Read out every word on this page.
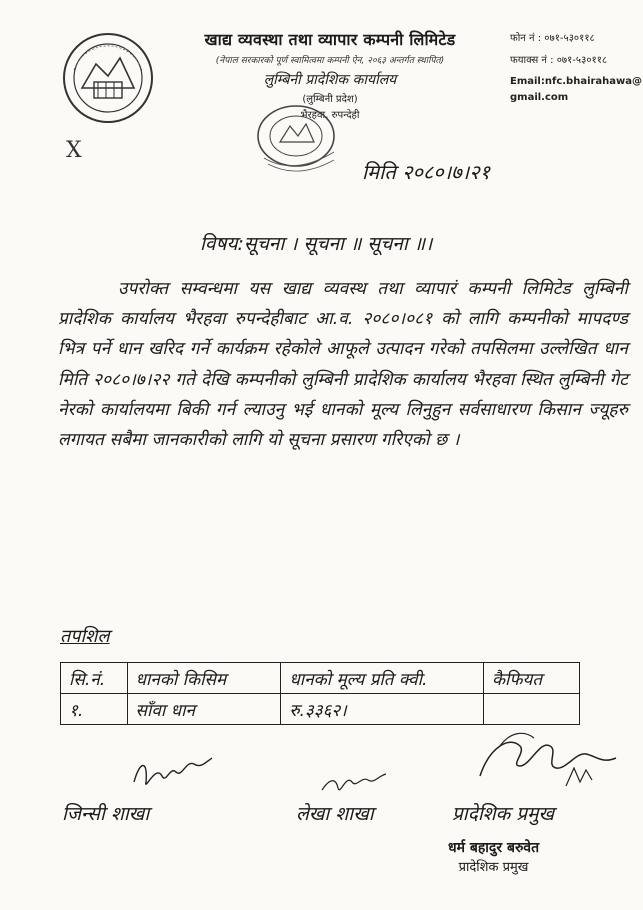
खाद्य व्यवस्था तथा व्यापार कम्पनी लिमिटेड
(नेपाल सरकारको पूर्ण स्वामित्वमा कम्पनी ऐन, २०६३ अन्तर्गत स्थापित)
लुम्बिनी प्रादेशिक कार्यालय
(लुम्बिनी प्रदेश)
भैरहवा, रुपन्देही
फोन नं : ०७१-५३०११८
फयाक्स नं : ०७१-५३०११८
Email:nfc.bhairahawa@ gmail.com
X
मिति २०८०।७।२१
विषय:सूचना । सूचना ॥ सूचना ॥।
उपरोक्त सम्वन्धमा यस खाद्य व्यवस्थ तथा व्यापारं कम्पनी लिमिटेड लुम्बिनी प्रादेशिक कार्यालय भैरहवा रुपन्देहीबाट आ.व. २०८०।०८१ को लागि कम्पनीको मापदण्ड भित्र पर्ने धान खरिद गर्ने कार्यक्रम रहेकोले आफूले उत्पादन गरेको तपसिलमा उल्लेखित धान मिति २०८०।७।२२ गते देखि कम्पनीको लुम्बिनी प्रादेशिक कार्यालय भैरहवा स्थित लुम्बिनी गेट नेरको कार्यालयमा बिकी गर्न ल्याउनु भई धानको मूल्य लिनुहुन सर्वसाधारण किसान ज्यूहरु लगायत सबैमा जानकारीको लागि यो सूचना प्रसारण गरिएको छ ।
तपशिल
सि.नं.	धानको किसिम	धानको मूल्य प्रति क्वी.	कैफियत
१.	साँवा धान	रु.३३६२।	
जिन्सी शाखा	लेखा शाखा	प्रादेशिक प्रमुख
धर्म बहादुर बरुवेत
प्रादेशिक प्रमुख
